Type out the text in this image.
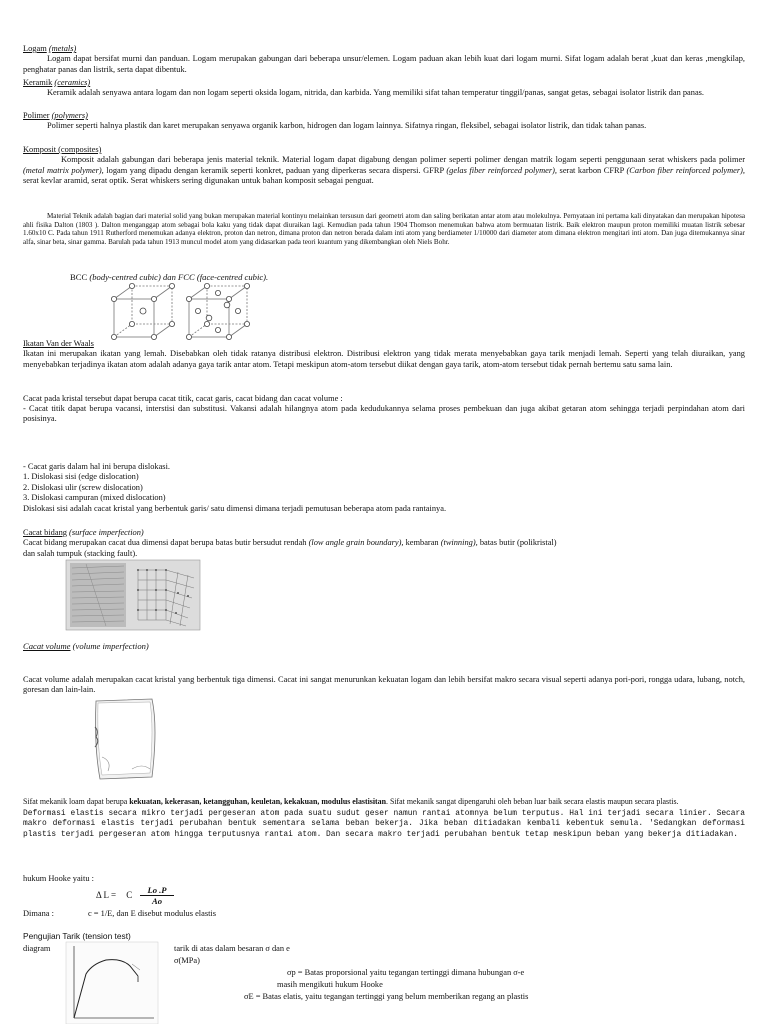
Logam (metals)
Logam dapat bersifat murni dan panduan. Logam merupakan gabungan dari beberapa unsur/elemen. Logam paduan akan lebih kuat dari logam murni. Sifat logam adalah berat ,kuat dan keras ,mengkilap, penghatar panas dan listrik, serta dapat dibentuk.
Keramik (ceramics)
Keramik adalah senyawa antara logam dan non logam seperti oksida logam, nitrida, dan karbida. Yang memiliki sifat tahan temperatur tinggil/panas, sangat getas, sebagai isolator listrik dan panas.
Polimer (polymers)
Polimer seperti halnya plastik dan karet merupakan senyawa organik karbon, hidrogen dan logam lainnya. Sifatnya ringan, fleksibel, sebagai isolator listrik, dan tidak tahan panas.
Komposit (composites)
Komposit adalah gabungan dari beberapa jenis material teknik. Material logam dapat digabung dengan polimer seperti polimer dengan matrik logam seperti penggunaan serat whiskers pada polimer (metal matrix polymer), logam yang dipadu dengan keramik seperti konkret, paduan yang diperkeras secara dispersi. GFRP (gelas fiber reinforced polymer), serat karbon CFRP (Carbon fiber reinforced polymer), serat kevlar aramid, serat optik. Serat whiskers sering digunakan untuk bahan komposit sebagai penguat.
Material Teknik adalah bagian dari material solid yang bukan merupakan material kontinyu melainkan tersusun dari geometri atom dan saling berikatan antar atom atau molekulnya. Pernyataan ini pertama kali dinyatakan dan merupakan hipotesa ahli fisika Dalton (1803 ). Dalton menganggap atom sebagai bola kaku yang tidak dapat diuraikan lagi. Kemudian pada tahun 1904 Thomson menemukan bahwa atom bermuatan listrik. Baik elektron maupun proton memiliki muatan listrik sebesar 1.60x10 C. Pada tahun 1911 Rutherford menemukan adanya elektron, proton dan netron, dimana proton dan netron berada dalam inti atom yang berdiameter 1/10000 dari diameter atom dimana elektron mengitari inti atom. Dan juga ditemukannya sinar alfa, sinar beta, sinar gamma. Barulah pada tahun 1913 muncul model atom yang didasarkan pada teori kuantum yang dikembangkan oleh Niels Bohr.
BCC (body-centred cubic) dan FCC (face-centred cubic).
Ikatan Van der Waals
Ikatan ini merupakan ikatan yang lemah. Disebabkan oleh tidak ratanya distribusi elektron. Distribusi elektron yang tidak merata menyebabkan gaya tarik menjadi lemah. Seperti yang telah diuraikan, yang menyebabkan terjadinya ikatan atom adalah adanya gaya tarik antar atom. Tetapi meskipun atom-atom tersebut diikat dengan gaya tarik, atom-atom tersebut tidak pernah bertemu satu sama lain.
Cacat pada kristal tersebut dapat berupa cacat titik, cacat garis, cacat bidang dan cacat volume :
- Cacat titik dapat berupa vacansi, interstisi dan substitusi. Vakansi adalah hilangnya atom pada kedudukannya selama proses pembekuan dan juga akibat getaran atom sehingga terjadi perpindahan atom dari posisinya.
- Cacat garis dalam hal ini berupa dislokasi.
1. Dislokasi sisi (edge dislocation)
2. Dislokasi ulir (screw dislocation)
3. Dislokasi campuran (mixed dislocation)
Dislokasi sisi adalah cacat kristal yang berbentuk garis/ satu dimensi dimana terjadi pemutusan beberapa atom pada rantainya.
Cacat bidang (surface imperfection)
Cacat bidang merupakan cacat dua dimensi dapat berupa batas butir bersudut rendah (low angle grain boundary), kembaran (twinning), batas butir (polikristal)
dan salah tumpuk (stacking fault).
Cacat volume (volume imperfection)
Cacat volume adalah merupakan cacat kristal yang berbentuk tiga dimensi. Cacat ini sangat menurunkan kekuatan logam dan lebih bersifat makro secara visual seperti adanya pori-pori, rongga udara, lubang, notch, goresan dan lain-lain.
Sifat mekanik loam dapat berupa kekuatan, kekerasan, ketangguhan, keuletan, kekakuan, modulus elastisitan. Sifat mekanik sangat dipengaruhi oleh beban luar baik secara elastis maupun secara plastis.
Deformasi elastis secara mikro terjadi pergeseran atom pada suatu sudut geser namun rantai atomnya belum terputus. Hal ini terjadi secara linier. Secara makro deformasi elastis terjadi perubahan bentuk sementara selama beban bekerja. Jika beban ditiadakan kembali kebentuk semula. 'Sedangkan deformasi plastis terjadi pergeseran atom hingga terputusnya rantai atom. Dan secara makro terjadi perubahan bentuk tetap meskipun beban yang bekerja ditiadakan.
hukum Hooke yaitu :
Δ L = C $\frac{Lo .P}{Ao}$
Dimana :	c = 1/E, dan E disebut modulus elastis
Pengujian Tarik (tension test)
diagram	tarik di atas dalam besaran σ dan e
σ(MPa)
σp = Batas proporsional yaitu tegangan tertinggi dimana hubungan σ-e
masih mengikuti hukum Hooke
σE = Batas elatis, yaitu tegangan tertinggi yang belum memberikan regang an plastis
